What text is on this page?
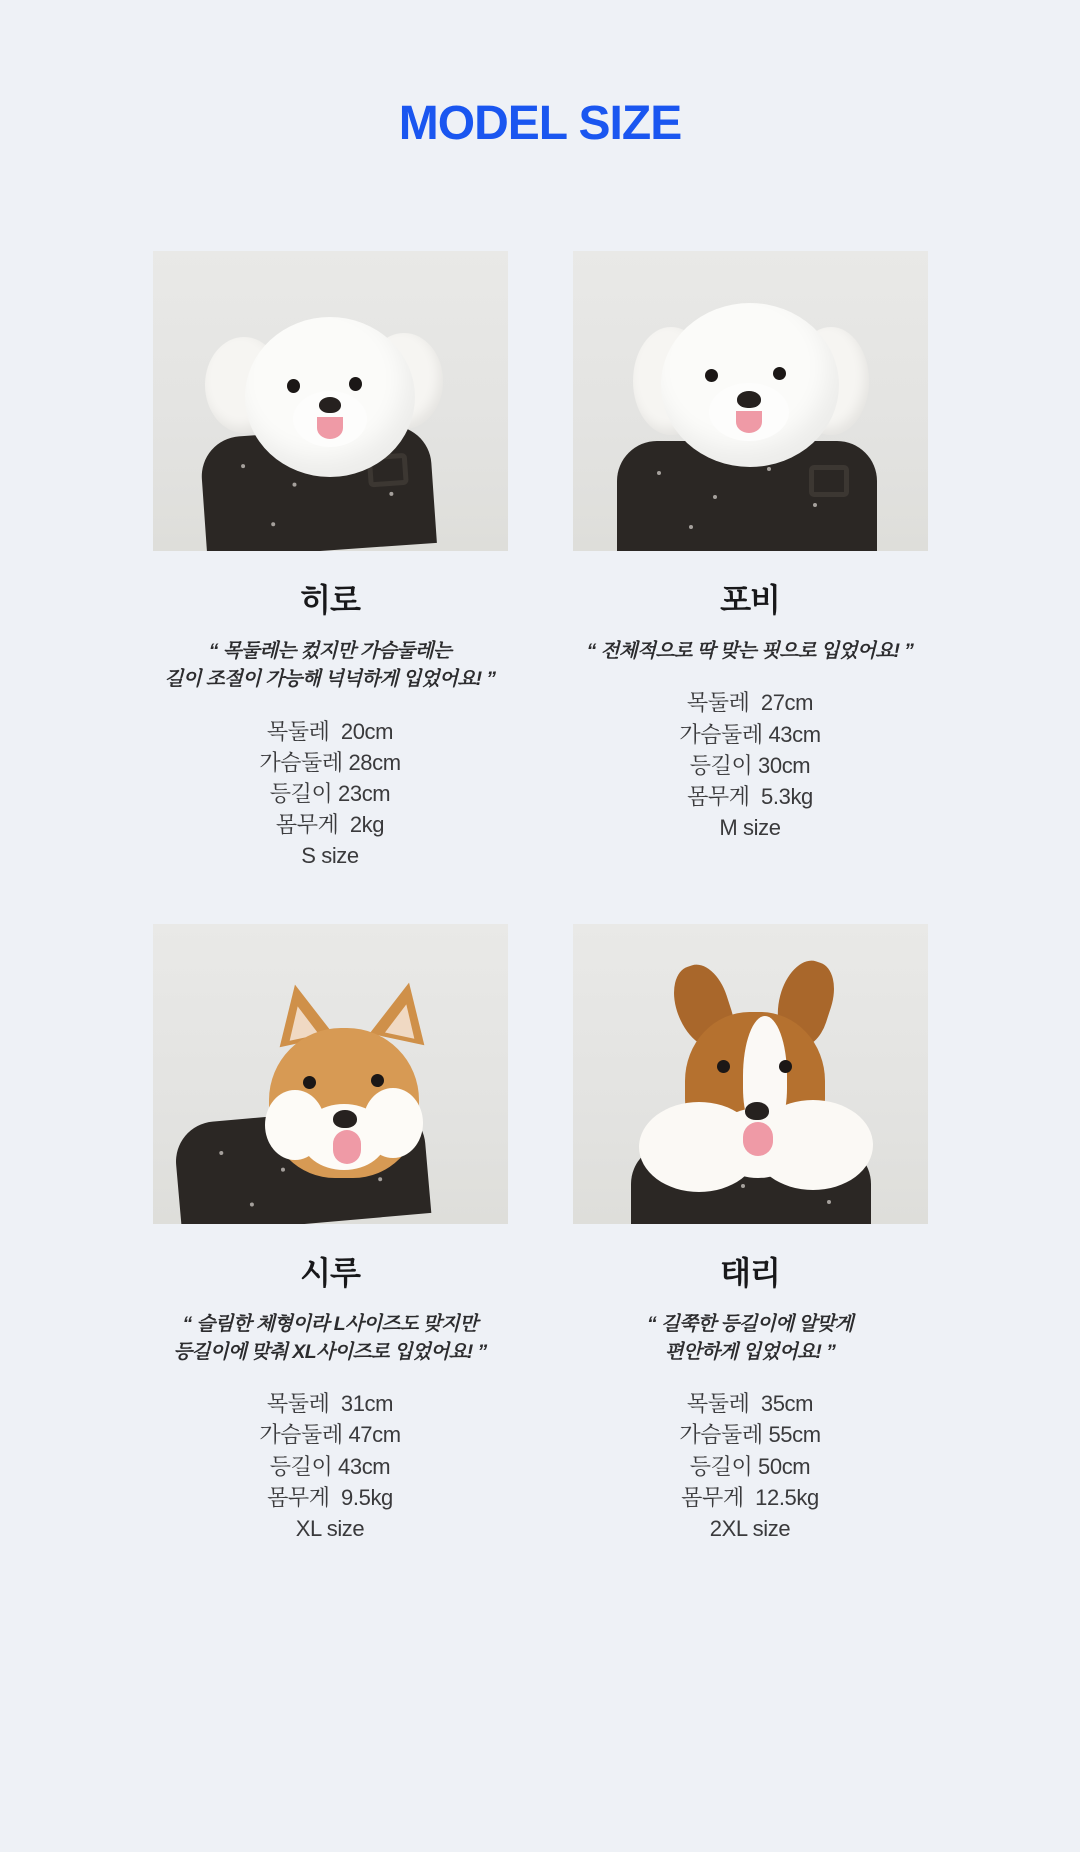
MODEL SIZE
히로
“ 목둘레는 컸지만 가슴둘레는
길이 조절이 가능해 넉넉하게 입었어요! ”
목둘레  20cm
가슴둘레 28cm
등길이 23cm
몸무게  2kg
S size
포비
“ 전체적으로 딱 맞는 핏으로 입었어요! ”
목둘레  27cm
가슴둘레 43cm
등길이 30cm
몸무게  5.3kg
M size
시루
“ 슬림한 체형이라 L사이즈도 맞지만
등길이에 맞춰 XL사이즈로 입었어요! ”
목둘레  31cm
가슴둘레 47cm
등길이 43cm
몸무게  9.5kg
XL size
태리
“ 길쭉한 등길이에 알맞게
편안하게 입었어요! ”
목둘레  35cm
가슴둘레 55cm
등길이 50cm
몸무게  12.5kg
2XL size
